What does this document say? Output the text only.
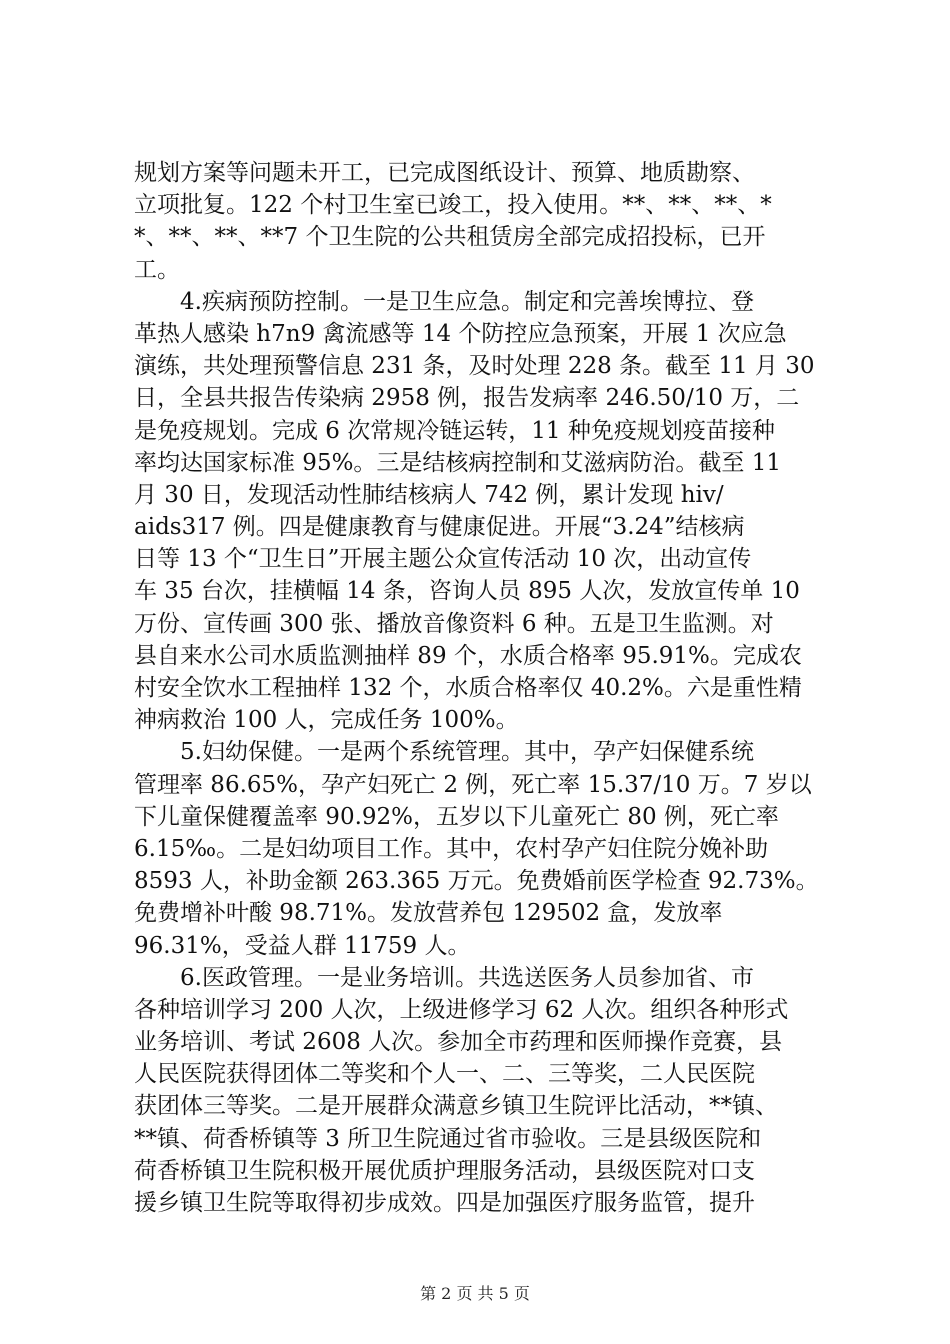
规划方案等问题未开工，已完成图纸设计、预算、地质勘察、
立项批复。122 个村卫生室已竣工，投入使用。**、**、**、*
*、**、**、**7 个卫生院的公共租赁房全部完成招投标，已开
工。
4.疾病预防控制。一是卫生应急。制定和完善埃博拉、登
革热人感染 h7n9 禽流感等 14 个防控应急预案，开展 1 次应急
演练，共处理预警信息 231 条，及时处理 228 条。截至 11 月 30
日，全县共报告传染病 2958 例，报告发病率 246.50/10 万，二
是免疫规划。完成 6 次常规冷链运转，11 种免疫规划疫苗接种
率均达国家标准 95%。三是结核病控制和艾滋病防治。截至 11
月 30 日，发现活动性肺结核病人 742 例，累计发现 hiv/
aids317 例。四是健康教育与健康促进。开展“3.24”结核病
日等 13 个“卫生日”开展主题公众宣传活动 10 次，出动宣传
车 35 台次，挂横幅 14 条，咨询人员 895 人次，发放宣传单 10
万份、宣传画 300 张、播放音像资料 6 种。五是卫生监测。对
县自来水公司水质监测抽样 89 个，水质合格率 95.91%。完成农
村安全饮水工程抽样 132 个，水质合格率仅 40.2%。六是重性精
神病救治 100 人，完成任务 100%。
5.妇幼保健。一是两个系统管理。其中，孕产妇保健系统
管理率 86.65%，孕产妇死亡 2 例，死亡率 15.37/10 万。7 岁以
下儿童保健覆盖率 90.92%，五岁以下儿童死亡 80 例，死亡率
6.15‰。二是妇幼项目工作。其中，农村孕产妇住院分娩补助
8593 人，补助金额 263.365 万元。免费婚前医学检查 92.73%。
免费增补叶酸 98.71%。发放营养包 129502 盒，发放率
96.31%，受益人群 11759 人。
6.医政管理。一是业务培训。共选送医务人员参加省、市
各种培训学习 200 人次，上级进修学习 62 人次。组织各种形式
业务培训、考试 2608 人次。参加全市药理和医师操作竞赛，县
人民医院获得团体二等奖和个人一、二、三等奖，二人民医院
获团体三等奖。二是开展群众满意乡镇卫生院评比活动，**镇、
**镇、荷香桥镇等 3 所卫生院通过省市验收。三是县级医院和
荷香桥镇卫生院积极开展优质护理服务活动，县级医院对口支
援乡镇卫生院等取得初步成效。四是加强医疗服务监管，提升
第 2 页 共 5 页
